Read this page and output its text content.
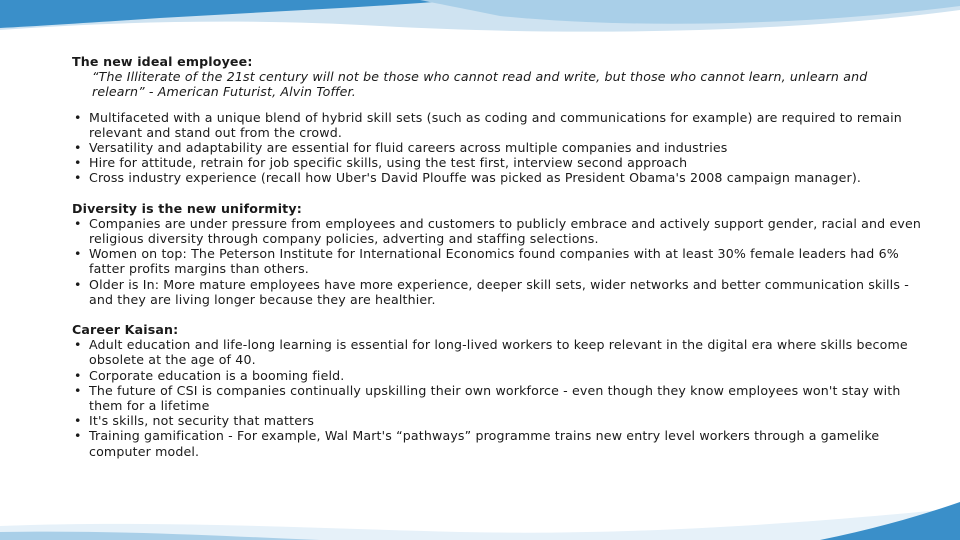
The new ideal employee:

“The Illiterate of the 21st century will not be those who cannot read and write, but those who cannot learn, unlearn and relearn” - American Futurist, Alvin Toffer.

• Multifaceted with a unique blend of hybrid skill sets (such as coding and communications for example) are required to remain relevant and stand out from the crowd.
• Versatility and adaptability are essential for fluid careers across multiple companies and industries
• Hire for attitude, retrain for job specific skills, using the test first, interview second approach
• Cross industry experience (recall how Uber's David Plouffe was picked as President Obama's 2008 campaign manager).

Diversity is the new uniformity:

• Companies are under pressure from employees and customers to publicly embrace and actively support gender, racial and even religious diversity through company policies, adverting and staffing selections.
• Women on top: The Peterson Institute for International Economics found companies with at least 30% female leaders had 6% fatter profits margins than others.
• Older is In: More mature employees have more experience, deeper skill sets, wider networks and better communication skills - and they are living longer because they are healthier.

Career Kaisan:

• Adult education and life-long learning is essential for long-lived workers to keep relevant in the digital era where skills become obsolete at the age of 40.
• Corporate education is a booming field.
• The future of CSI is companies continually upskilling their own workforce - even though they know employees won't stay with them for a lifetime
• It's skills, not security that matters
• Training gamification - For example, Wal Mart's “pathways” programme trains new entry level workers through a gamelike computer model.
